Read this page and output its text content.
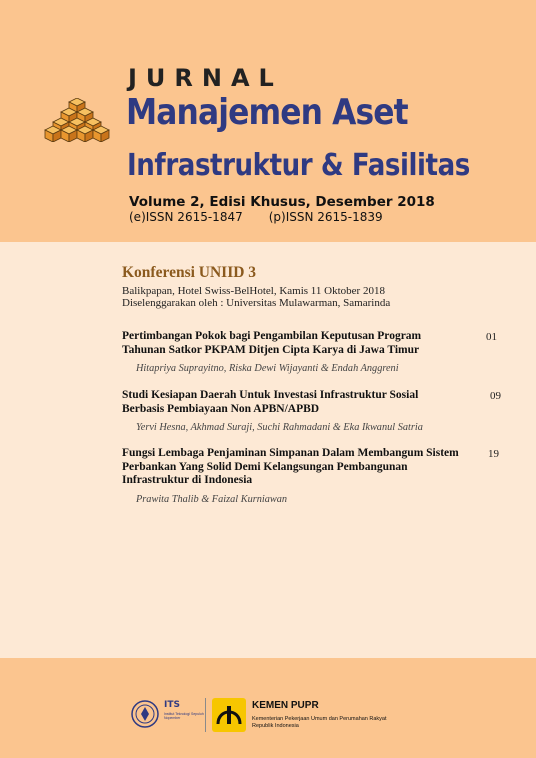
JURNAL
Manajemen Aset
Infrastruktur & Fasilitas
Volume 2, Edisi Khusus, Desember 2018
(e)ISSN 2615-1847 (p)ISSN 2615-1839
Konferensi UNIID 3
Balikpapan, Hotel Swiss-BelHotel, Kamis 11 Oktober 2018
Diselenggarakan oleh : Universitas Mulawarman, Samarinda
Pertimbangan Pokok bagi Pengambilan Keputusan Program Tahunan Satkor PKPAM Ditjen Cipta Karya di Jawa Timur
Hitapriya Suprayitno, Riska Dewi Wijayanti & Endah Anggreni
01
Studi Kesiapan Daerah Untuk Investasi Infrastruktur Sosial Berbasis Pembiayaan Non APBN/APBD
Yervi Hesna, Akhmad Suraji, Suchi Rahmadani & Eka Ikwanul Satria
09
Fungsi Lembaga Penjaminan Simpanan Dalam Membangum Sistem Perbankan Yang Solid Demi Kelangsungan Pembangunan Infrastruktur di Indonesia
Prawita Thalib & Faizal Kurniawan
19
ITS
Institut Teknologi Sepuluh Nopember
KEMEN PUPR
Kementerian Pekerjaan Umum dan Perumahan Rakyat
Republik Indonesia
